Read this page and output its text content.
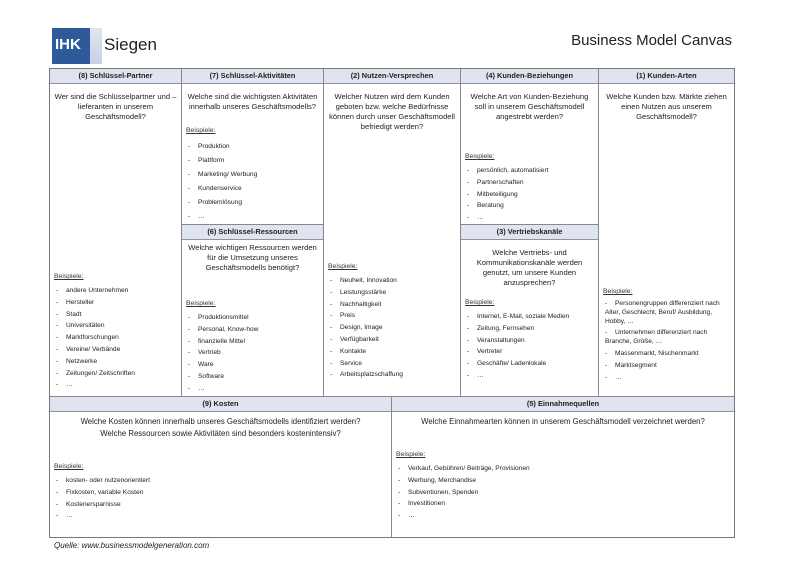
IHK Siegen	Business Model Canvas
(8) Schlüssel-Partner
Wer sind die Schlüsselpartner und –lieferanten in unserem Geschäftsmodell?
Beispiele:
- andere Unternehmen
- Hersteller
- Stadt
- Universitäten
- Marktforschungen
- Vereine/ Verbände
- Netzwerke
- Zeitungen/ Zeitschriften
- …
(7) Schlüssel-Aktivitäten
Welche sind die wichtigsten Aktivitäten innerhalb unseres Geschäftsmodells?
Beispiele:
- Produktion
- Plattform
- Marketing/ Werbung
- Kundenservice
- Problemlösung
- …
(6) Schlüssel-Ressourcen
Welche wichtigen Ressourcen werden für die Umsetzung unseres Geschäftsmodells benötigt?
Beispiele:
- Produktionsmittel
- Personal, Know-how
- finanzielle Mittel
- Vertrieb
- Ware
- Software
- …
(2) Nutzen-Versprechen
Welcher Nutzen wird dem Kunden geboten bzw. welche Bedürfnisse können durch unser Geschäftsmodell befriedigt werden?
Beispiele:
- Neuheit, Innovation
- Leistungsstärke
- Nachhaltigkeit
- Preis
- Design, Image
- Verfügbarkeit
- Kontakte
- Service
- Arbeitsplatzschaffung
(4) Kunden-Beziehungen
Welche Art von Kunden-Beziehung soll in unserem Geschäftsmodell angestrebt werden?
Beispiele:
- persönlich, automatisiert
- Partnerschaften
- Mitbeteiligung
- Beratung
- …
(3) Vertriebskanäle
Welche Vertriebs- und Kommunikationskanäle werden genutzt, um unsere Kunden anzusprechen?
Beispiele:
- Internet, E-Mail, soziale Medien
- Zeitung, Fernsehen
- Veranstaltungen
- Vertreter
- Geschäfte/ Ladenlokale
- …
(1) Kunden-Arten
Welche Kunden bzw. Märkte ziehen einen Nutzen aus unserem Geschäftsmodell?
Beispiele:
- Personengruppen differenziert nach Alter, Geschlecht, Beruf/ Ausbildung, Hobby, …
- Unternehmen differenziert nach Branche, Größe, …
- Massenmarkt, Nischenmarkt
- Marktsegment
- …
(9) Kosten
Welche Kosten können innerhalb unseres Geschäftsmodells identifiziert werden? Welche Ressourcen sowie Aktivitäten sind besonders kostenintensiv?
Beispiele:
- kosten- oder nutzenorientiert
- Fixkosten, variable Kosten
- Kostenersparnisse
- …
(5) Einnahmequellen
Welche Einnahmearten können in unserem Geschäftsmodell verzeichnet werden?
Beispiele:
- Verkauf, Gebühren/ Beiträge, Provisionen
- Werbung, Merchandise
- Subventionen, Spenden
- Investitionen
- …
Quelle: www.businessmodelgeneration.com
